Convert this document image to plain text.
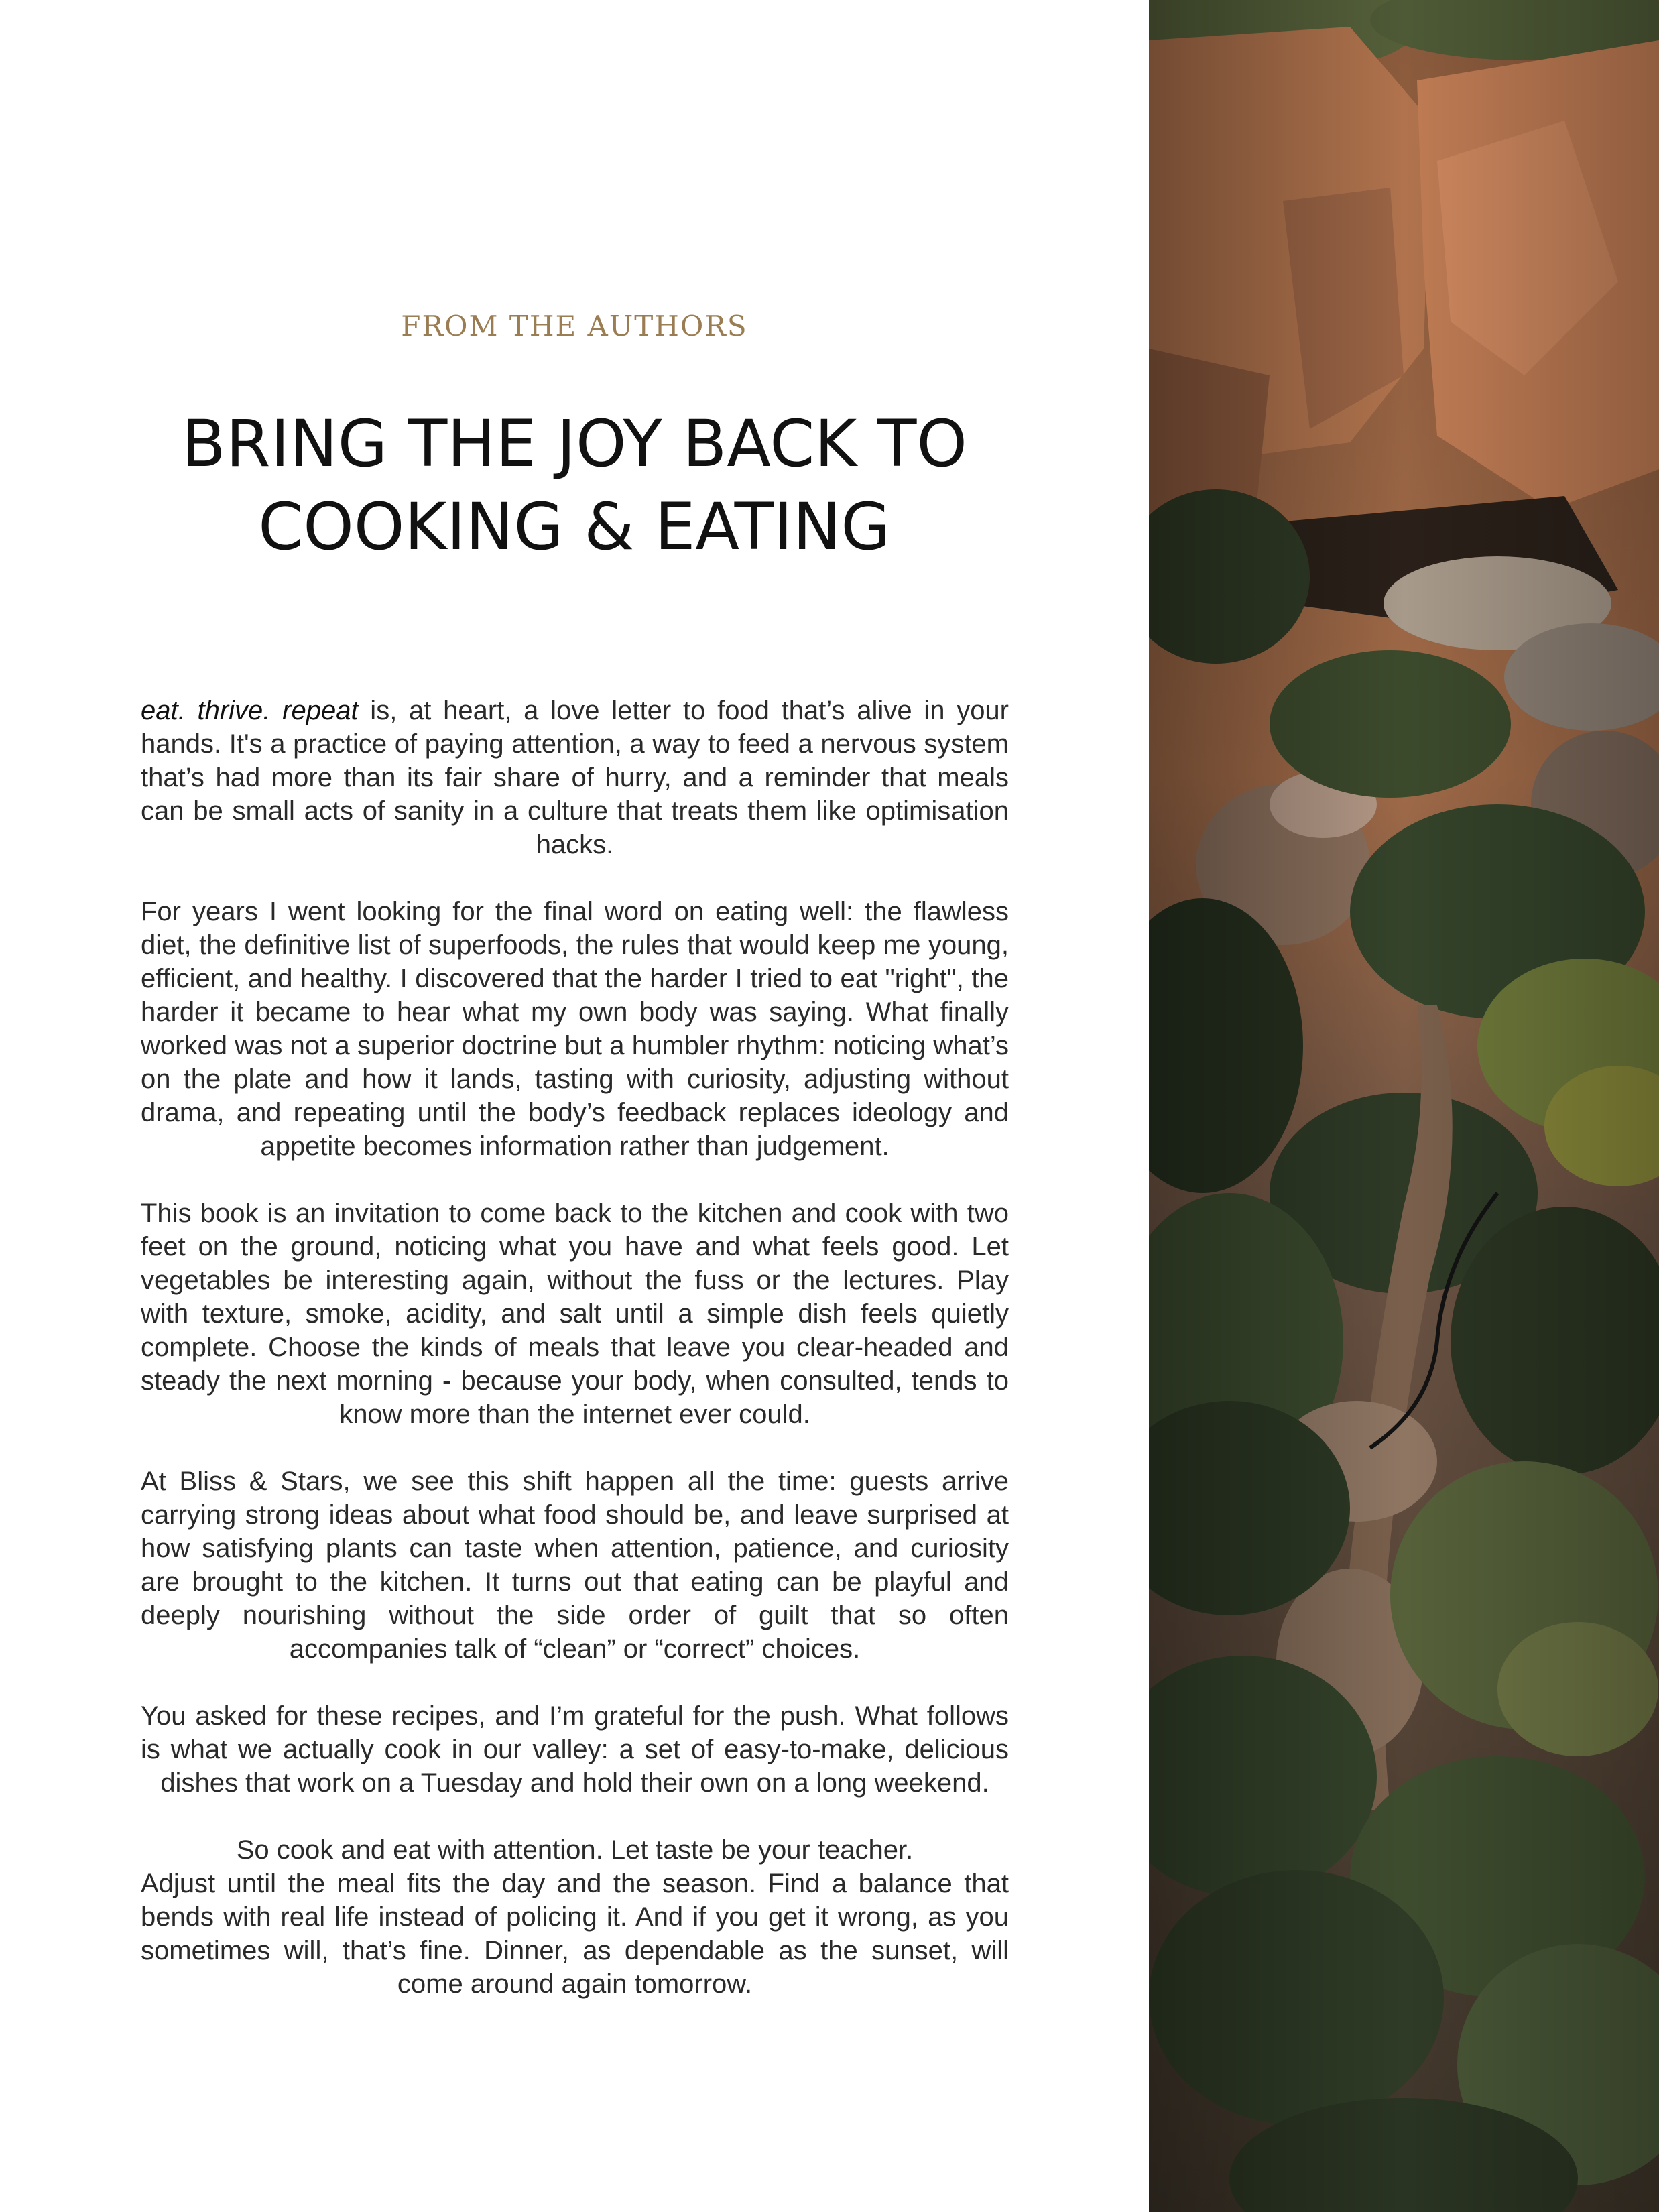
FROM THE AUTHORS
BRING THE JOY BACK TO
COOKING & EATING

eat. thrive. repeat is, at heart, a love letter to food that’s alive in your hands. It's a practice of paying attention, a way to feed a nervous system that’s had more than its fair share of hurry, and a reminder that meals can be small acts of sanity in a culture that treats them like optimisation hacks.

For years I went looking for the final word on eating well: the flawless diet, the definitive list of superfoods, the rules that would keep me young, efficient, and healthy. I discovered that the harder I tried to eat "right", the harder it became to hear what my own body was saying. What finally worked was not a superior doctrine but a humbler rhythm: noticing what’s on the plate and how it lands, tasting with curiosity, adjusting without drama, and repeating until the body’s feedback replaces ideology and appetite becomes information rather than judgement.

This book is an invitation to come back to the kitchen and cook with two feet on the ground, noticing what you have and what feels good. Let vegetables be interesting again, without the fuss or the lectures. Play with texture, smoke, acidity, and salt until a simple dish feels quietly complete. Choose the kinds of meals that leave you clear-headed and steady the next morning - because your body, when consulted, tends to know more than the internet ever could.

At Bliss & Stars, we see this shift happen all the time: guests arrive carrying strong ideas about what food should be, and leave surprised at how satisfying plants can taste when attention, patience, and curiosity are brought to the kitchen. It turns out that eating can be playful and deeply nourishing without the side order of guilt that so often accompanies talk of “clean” or “correct” choices.

You asked for these recipes, and I’m grateful for the push. What follows is what we actually cook in our valley: a set of easy-to-make, delicious dishes that work on a Tuesday and hold their own on a long weekend.

So cook and eat with attention. Let taste be your teacher.
Adjust until the meal fits the day and the season. Find a balance that bends with real life instead of policing it. And if you get it wrong, as you sometimes will, that’s fine. Dinner, as dependable as the sunset, will come around again tomorrow.
